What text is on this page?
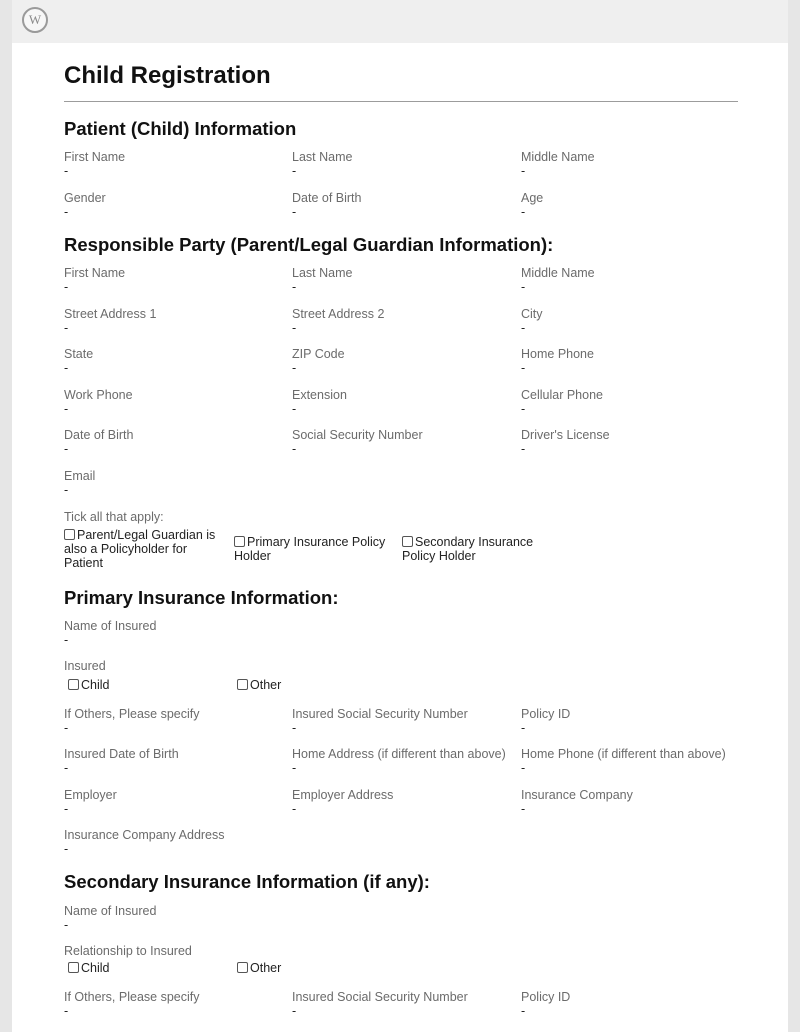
W
Child Registration
Patient (Child) Information
First Name
-
Last Name
-
Middle Name
-
Gender
-
Date of Birth
-
Age
-
Responsible Party (Parent/Legal Guardian Information):
First Name
-
Last Name
-
Middle Name
-
Street Address 1
-
Street Address 2
-
City
-
State
-
ZIP Code
-
Home Phone
-
Work Phone
-
Extension
-
Cellular Phone
-
Date of Birth
-
Social Security Number
-
Driver's License
-
Email
-
Tick all that apply:
Parent/Legal Guardian is also a Policyholder for Patient
Primary Insurance Policy Holder
Secondary Insurance Policy Holder
Primary Insurance Information:
Name of Insured
-
Insured
Child	Other
If Others, Please specify
-
Insured Social Security Number
-
Policy ID
-
Insured Date of Birth
-
Home Address (if different than above)
-
Home Phone (if different than above)
-
Employer
-
Employer Address
-
Insurance Company
-
Insurance Company Address
-
Secondary Insurance Information (if any):
Name of Insured
-
Relationship to Insured
Child	Other
If Others, Please specify
-
Insured Social Security Number
-
Policy ID
-
